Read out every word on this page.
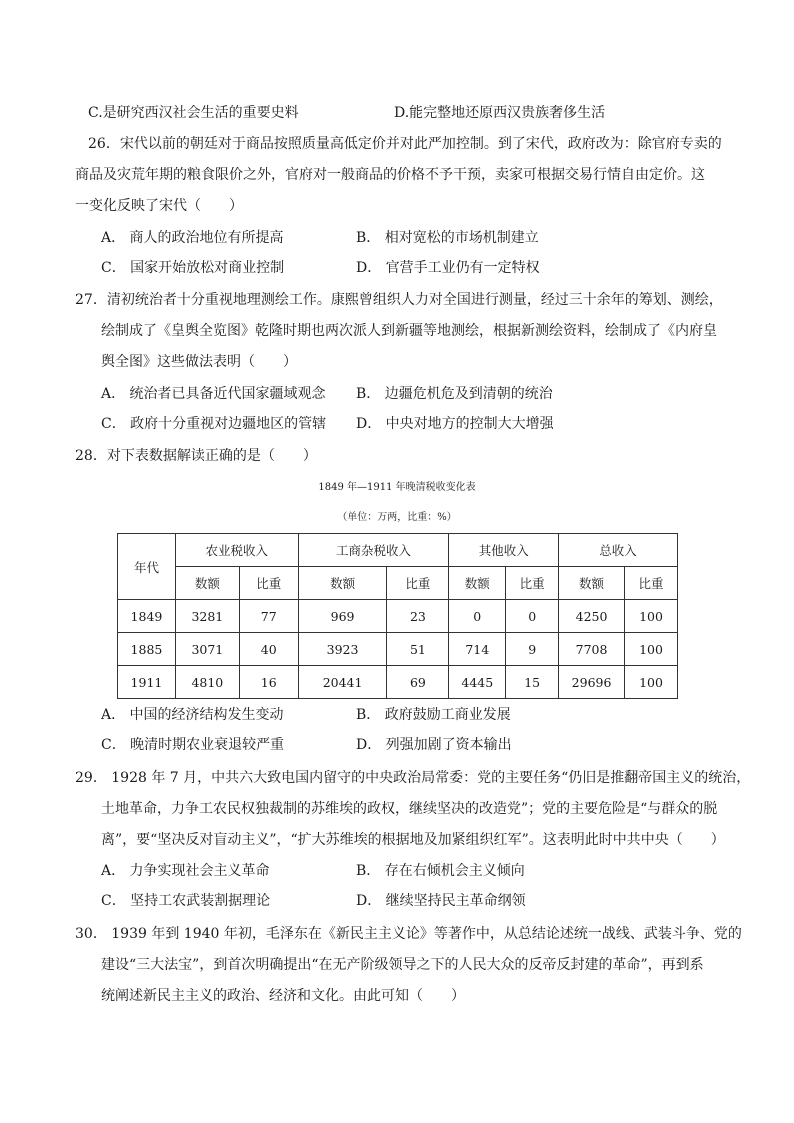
C.是研究西汉社会生活的重要史料	D.能完整地还原西汉贵族奢侈生活
26．宋代以前的朝廷对于商品按照质量高低定价并对此严加控制。到了宋代，政府改为：除官府专卖的
商品及灾荒年期的粮食限价之外，官府对一般商品的价格不予干预，卖家可根据交易行情自由定价。这
一变化反映了宋代（　　）
A． 商人的政治地位有所提高	B． 相对宽松的市场机制建立
C． 国家开始放松对商业控制	D． 官营手工业仍有一定特权
27．清初统治者十分重视地理测绘工作。康熙曾组织人力对全国进行测量，经过三十余年的筹划、测绘，
绘制成了《皇舆全览图》乾隆时期也两次派人到新疆等地测绘，根据新测绘资料，绘制成了《内府皇
舆全图》这些做法表明（　　）
A． 统治者已具备近代国家疆域观念 B． 边疆危机危及到清朝的统治
C． 政府十分重视对边疆地区的管辖 D． 中央对地方的控制大大增强
28．对下表数据解读正确的是（　　）
1849 年—1911 年晚清税收变化表
（单位：万两，比重：%）
年代	农业税收入		工商杂税收入		其他收入		总收入	
	数额	比重	数额	比重	数额	比重	数额	比重
1849	3281	77	969	23	0	0	4250	100
1885	3071	40	3923	51	714	9	7708	100
1911	4810	16	20441	69	4445	15	29696	100
A． 中国的经济结构发生变动	B． 政府鼓励工商业发展
C． 晚清时期农业衰退较严重	D． 列强加剧了资本输出
29． 1928 年 7 月，中共六大致电国内留守的中央政治局常委：党的主要任务“仍旧是推翻帝国主义的统治，
土地革命，力争工农民权独裁制的苏维埃的政权，继续坚决的改造党”；党的主要危险是“与群众的脱
离”，要“坚决反对盲动主义”，“扩大苏维埃的根据地及加紧组织红军”。这表明此时中共中央（　　）
A． 力争实现社会主义革命	B． 存在右倾机会主义倾向
C． 坚持工农武装割据理论	D． 继续坚持民主革命纲领
30． 1939 年到 1940 年初，毛泽东在《新民主主义论》等著作中，从总结论述统一战线、武装斗争、党的
建设“三大法宝”，到首次明确提出“在无产阶级领导之下的人民大众的反帝反封建的革命”，再到系
统阐述新民主主义的政治、经济和文化。由此可知（　　）
